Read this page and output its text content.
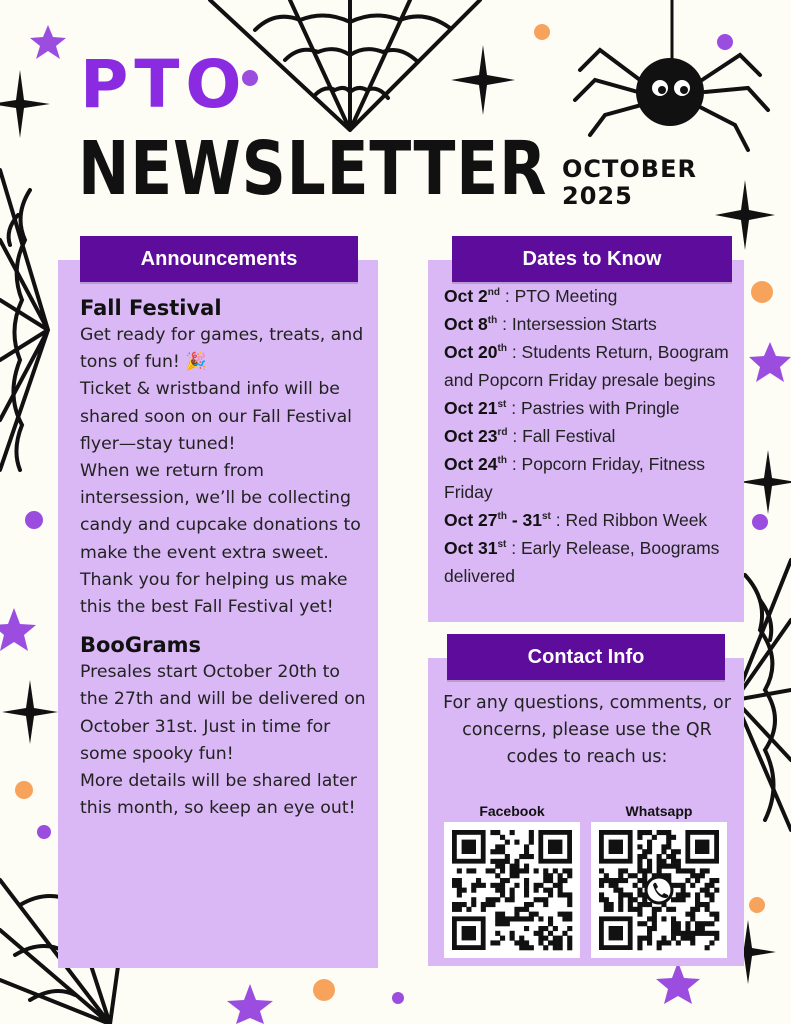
PTO
NEWSLETTER OCTOBER
2025
Announcements
Fall Festival

Get ready for games, treats, and tons of fun! 🎉

Ticket & wristband info will be shared soon on our Fall Festival flyer—stay tuned!

When we return from intersession, we’ll be collecting candy and cupcake donations to make the event extra sweet. Thank you for helping us make this the best Fall Festival yet!

BooGrams

Presales start October 20th to the 27th and will be delivered on October 31st. Just in time for some spooky fun!

More details will be shared later this month, so keep an eye out!

Dates to Know
Oct 2nd : PTO Meeting
Oct 8th : Intersession Starts
Oct 20th : Students Return, Boogram and Popcorn Friday presale begins
Oct 21st : Pastries with Pringle
Oct 23rd : Fall Festival
Oct 24th : Popcorn Friday, Fitness Friday
Oct 27th - 31st : Red Ribbon Week
Oct 31st : Early Release, Boograms delivered
Contact Info
For any questions, comments, or concerns, please use the QR codes to reach us:
Facebook	Whatsapp
